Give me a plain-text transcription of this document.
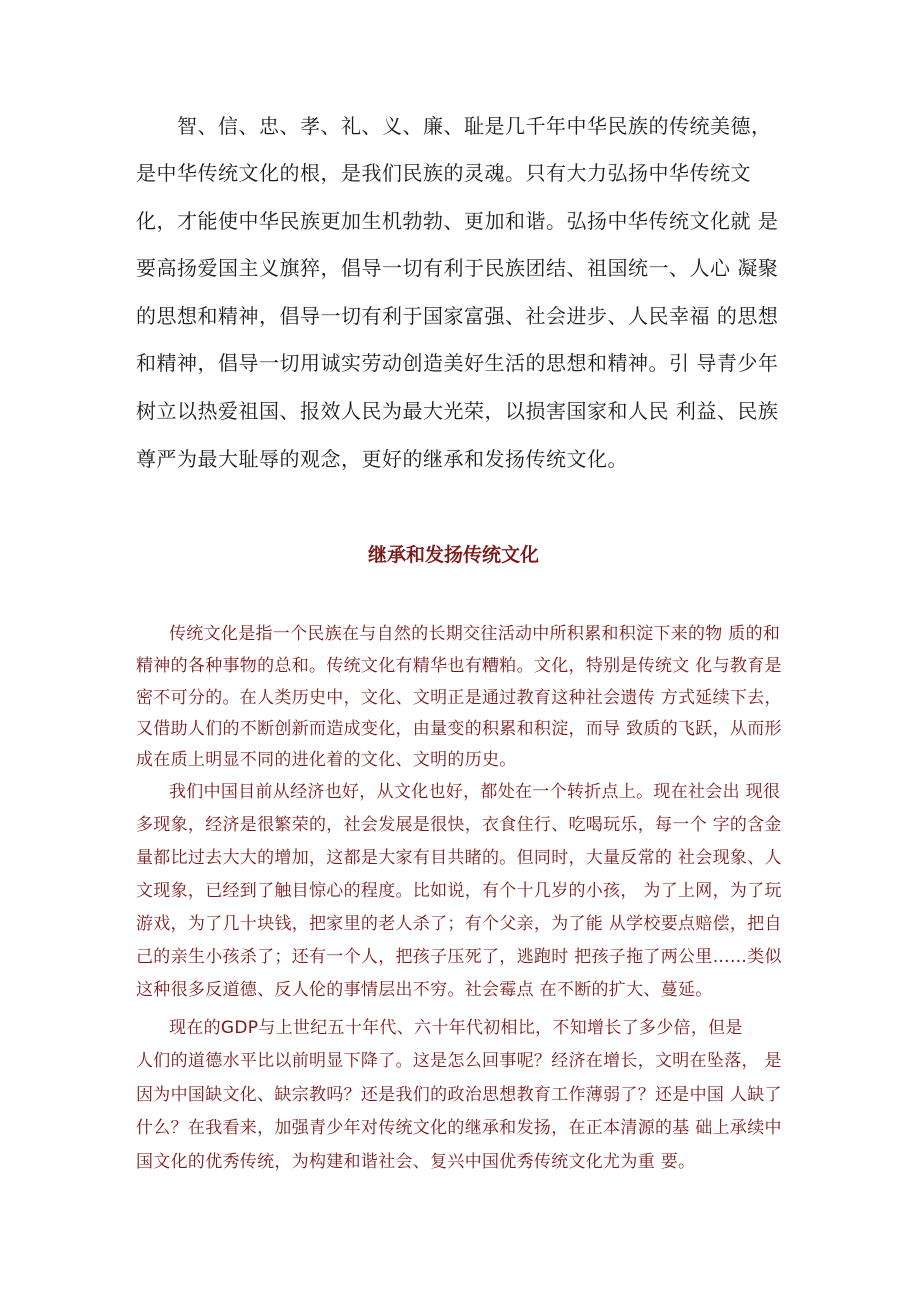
智、信、忠、孝、礼、义、廉、耻是几千年中华民族的传统美德，

是中华传统文化的根，是我们民族的灵魂。只有大力弘扬中华传统文

化，才能使中华民族更加生机勃勃、更加和谐。弘扬中华传统文化就 是

要高扬爱国主义旗猝，倡导一切有利于民族团结、祖国统一、人心 凝聚

的思想和精神，倡导一切有利于国家富强、社会进步、人民幸福 的思想

和精神，倡导一切用诚实劳动创造美好生活的思想和精神。引 导青少年

树立以热爱祖国、报效人民为最大光荣，以损害国家和人民 利益、民族

尊严为最大耻辱的观念，更好的继承和发扬传统文化。

继承和发扬传统文化

传统文化是指一个民族在与自然的长期交往活动中所积累和积淀下来的物 质的和

精神的各种事物的总和。传统文化有精华也有糟粕。文化，特别是传统文 化与教育是

密不可分的。在人类历史中，文化、文明正是通过教育这种社会遗传 方式延续下去，

又借助人们的不断创新而造成变化，由量变的积累和积淀，而导 致质的飞跃，从而形

成在质上明显不同的进化着的文化、文明的历史。

我们中国目前从经济也好，从文化也好，都处在一个转折点上。现在社会出 现很

多现象，经济是很繁荣的，社会发展是很快，衣食住行、吃喝玩乐，每一个 字的含金

量都比过去大大的增加，这都是大家有目共睹的。但同时，大量反常的 社会现象、人

文现象，已经到了触目惊心的程度。比如说，有个十几岁的小孩， 为了上网，为了玩

游戏，为了几十块钱，把家里的老人杀了；有个父亲，为了能 从学校要点赔偿，把自

己的亲生小孩杀了；还有一个人，把孩子压死了，逃跑时 把孩子拖了两公里……类似

这种很多反道德、反人伦的事情层出不穷。社会霉点 在不断的扩大、蔓延。

现在的GDP与上世纪五十年代、六十年代初相比，不知增长了多少倍，但是

人们的道德水平比以前明显下降了。这是怎么回事呢？经济在增长，文明在坠落， 是

因为中国缺文化、缺宗教吗？还是我们的政治思想教育工作薄弱了？还是中国 人缺了

什么？在我看来，加强青少年对传统文化的继承和发扬，在正本清源的基 础上承续中

国文化的优秀传统，为构建和谐社会、复兴中国优秀传统文化尤为重 要。
